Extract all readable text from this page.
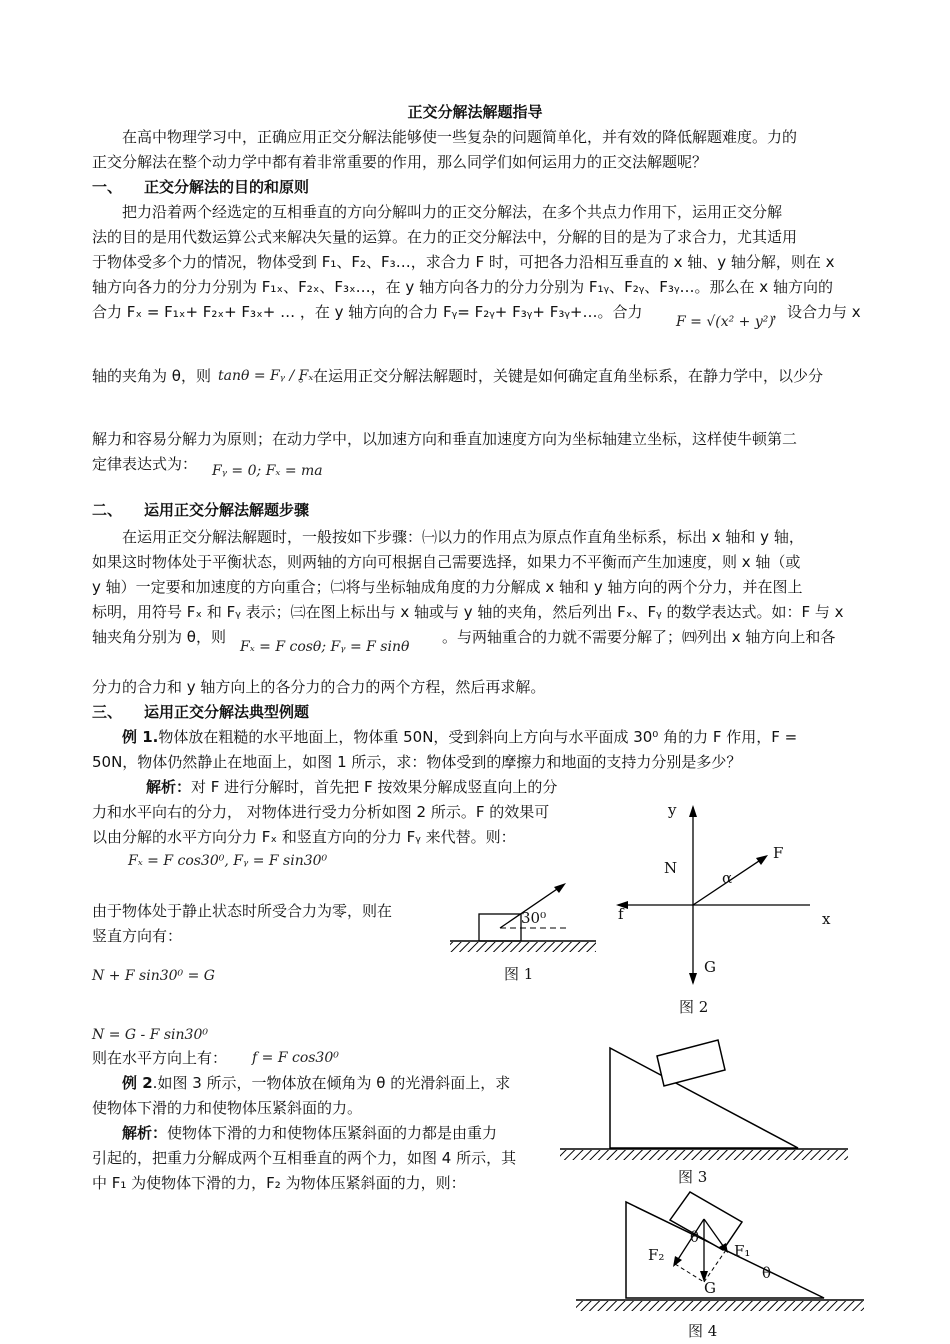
正交分解法解题指导
在高中物理学习中，正确应用正交分解法能够使一些复杂的问题简单化，并有效的降低解题难度。力的
正交分解法在整个动力学中都有着非常重要的作用，那么同学们如何运用力的正交法解题呢？
一、 正交分解法的目的和原则
把力沿着两个经选定的互相垂直的方向分解叫力的正交分解法，在多个共点力作用下，运用正交分解
法的目的是用代数运算公式来解决矢量的运算。在力的正交分解法中，分解的目的是为了求合力，尤其适用
于物体受多个力的情况，物体受到 F₁、F₂、F₃…，求合力 F 时，可把各力沿相互垂直的 x 轴、y 轴分解，则在 x
轴方向各力的分力分别为 F₁ₓ、F₂ₓ、F₃ₓ…，在 y 轴方向各力的分力分别为 F₁ᵧ、F₂ᵧ、F₃ᵧ…。那么在 x 轴方向的
合力 Fₓ = F₁ₓ+ F₂ₓ+ F₃ₓ+ … ，在 y 轴方向的合力 Fᵧ= F₂ᵧ+ F₃ᵧ+ F₃ᵧ+…。合力
F = √(x² + y²)
，设合力与 x
轴的夹角为 θ，则 tanθ = Fᵧ / Fₓ
。在运用正交分解法解题时，关键是如何确定直角坐标系，在静力学中，以少分
解力和容易分解力为原则；在动力学中，以加速方向和垂直加速度方向为坐标轴建立坐标，这样使牛顿第二
定律表达式为： Fᵧ = 0; Fₓ = ma
二、 运用正交分解法解题步骤
在运用正交分解法解题时，一般按如下步骤：㈠以力的作用点为原点作直角坐标系，标出 x 轴和 y 轴，
如果这时物体处于平衡状态，则两轴的方向可根据自己需要选择，如果力不平衡而产生加速度，则 x 轴（或
y 轴）一定要和加速度的方向重合；㈡将与坐标轴成角度的力分解成 x 轴和 y 轴方向的两个分力，并在图上
标明，用符号 Fₓ 和 Fᵧ 表示；㈢在图上标出与 x 轴或与 y 轴的夹角，然后列出 Fₓ、Fᵧ 的数学表达式。如：F 与 x
轴夹角分别为 θ，则
Fₓ = F cosθ; Fᵧ = F sinθ
。与两轴重合的力就不需要分解了；㈣列出 x 轴方向上和各
分力的合力和 y 轴方向上的各分力的合力的两个方程，然后再求解。
三、 运用正交分解法典型例题
例 1.物体放在粗糙的水平地面上，物体重 50N，受到斜向上方向与水平面成 30⁰ 角的力 F 作用，F =
50N，物体仍然静止在地面上，如图 1 所示，求：物体受到的摩擦力和地面的支持力分别是多少？
解析：对 F 进行分解时，首先把 F 按效果分解成竖直向上的分
力和水平向右的分力， 对物体进行受力分析如图 2 所示。F 的效果可
以由分解的水平方向分力 Fₓ 和竖直方向的分力 Fᵧ 来代替。则：
Fₓ = F cos30⁰, Fᵧ = F sin30⁰
由于物体处于静止状态时所受合力为零，则在
竖直方向有：
N + F sin30⁰ = G
N = G - F sin30⁰
则在水平方向上有： f = F cos30⁰
例 2.如图 3 所示，一物体放在倾角为 θ 的光滑斜面上，求
使物体下滑的力和使物体压紧斜面的力。
解析：使物体下滑的力和使物体压紧斜面的力都是由重力
引起的，把重力分解成两个互相垂直的两个力，如图 4 所示，其
中 F₁ 为使物体下滑的力，F₂ 为物体压紧斜面的力，则：
30⁰
图 1
y
x
N
F
α
f
G
图 2
图 3
θ
θ
F₁
F₂
G
图 4
